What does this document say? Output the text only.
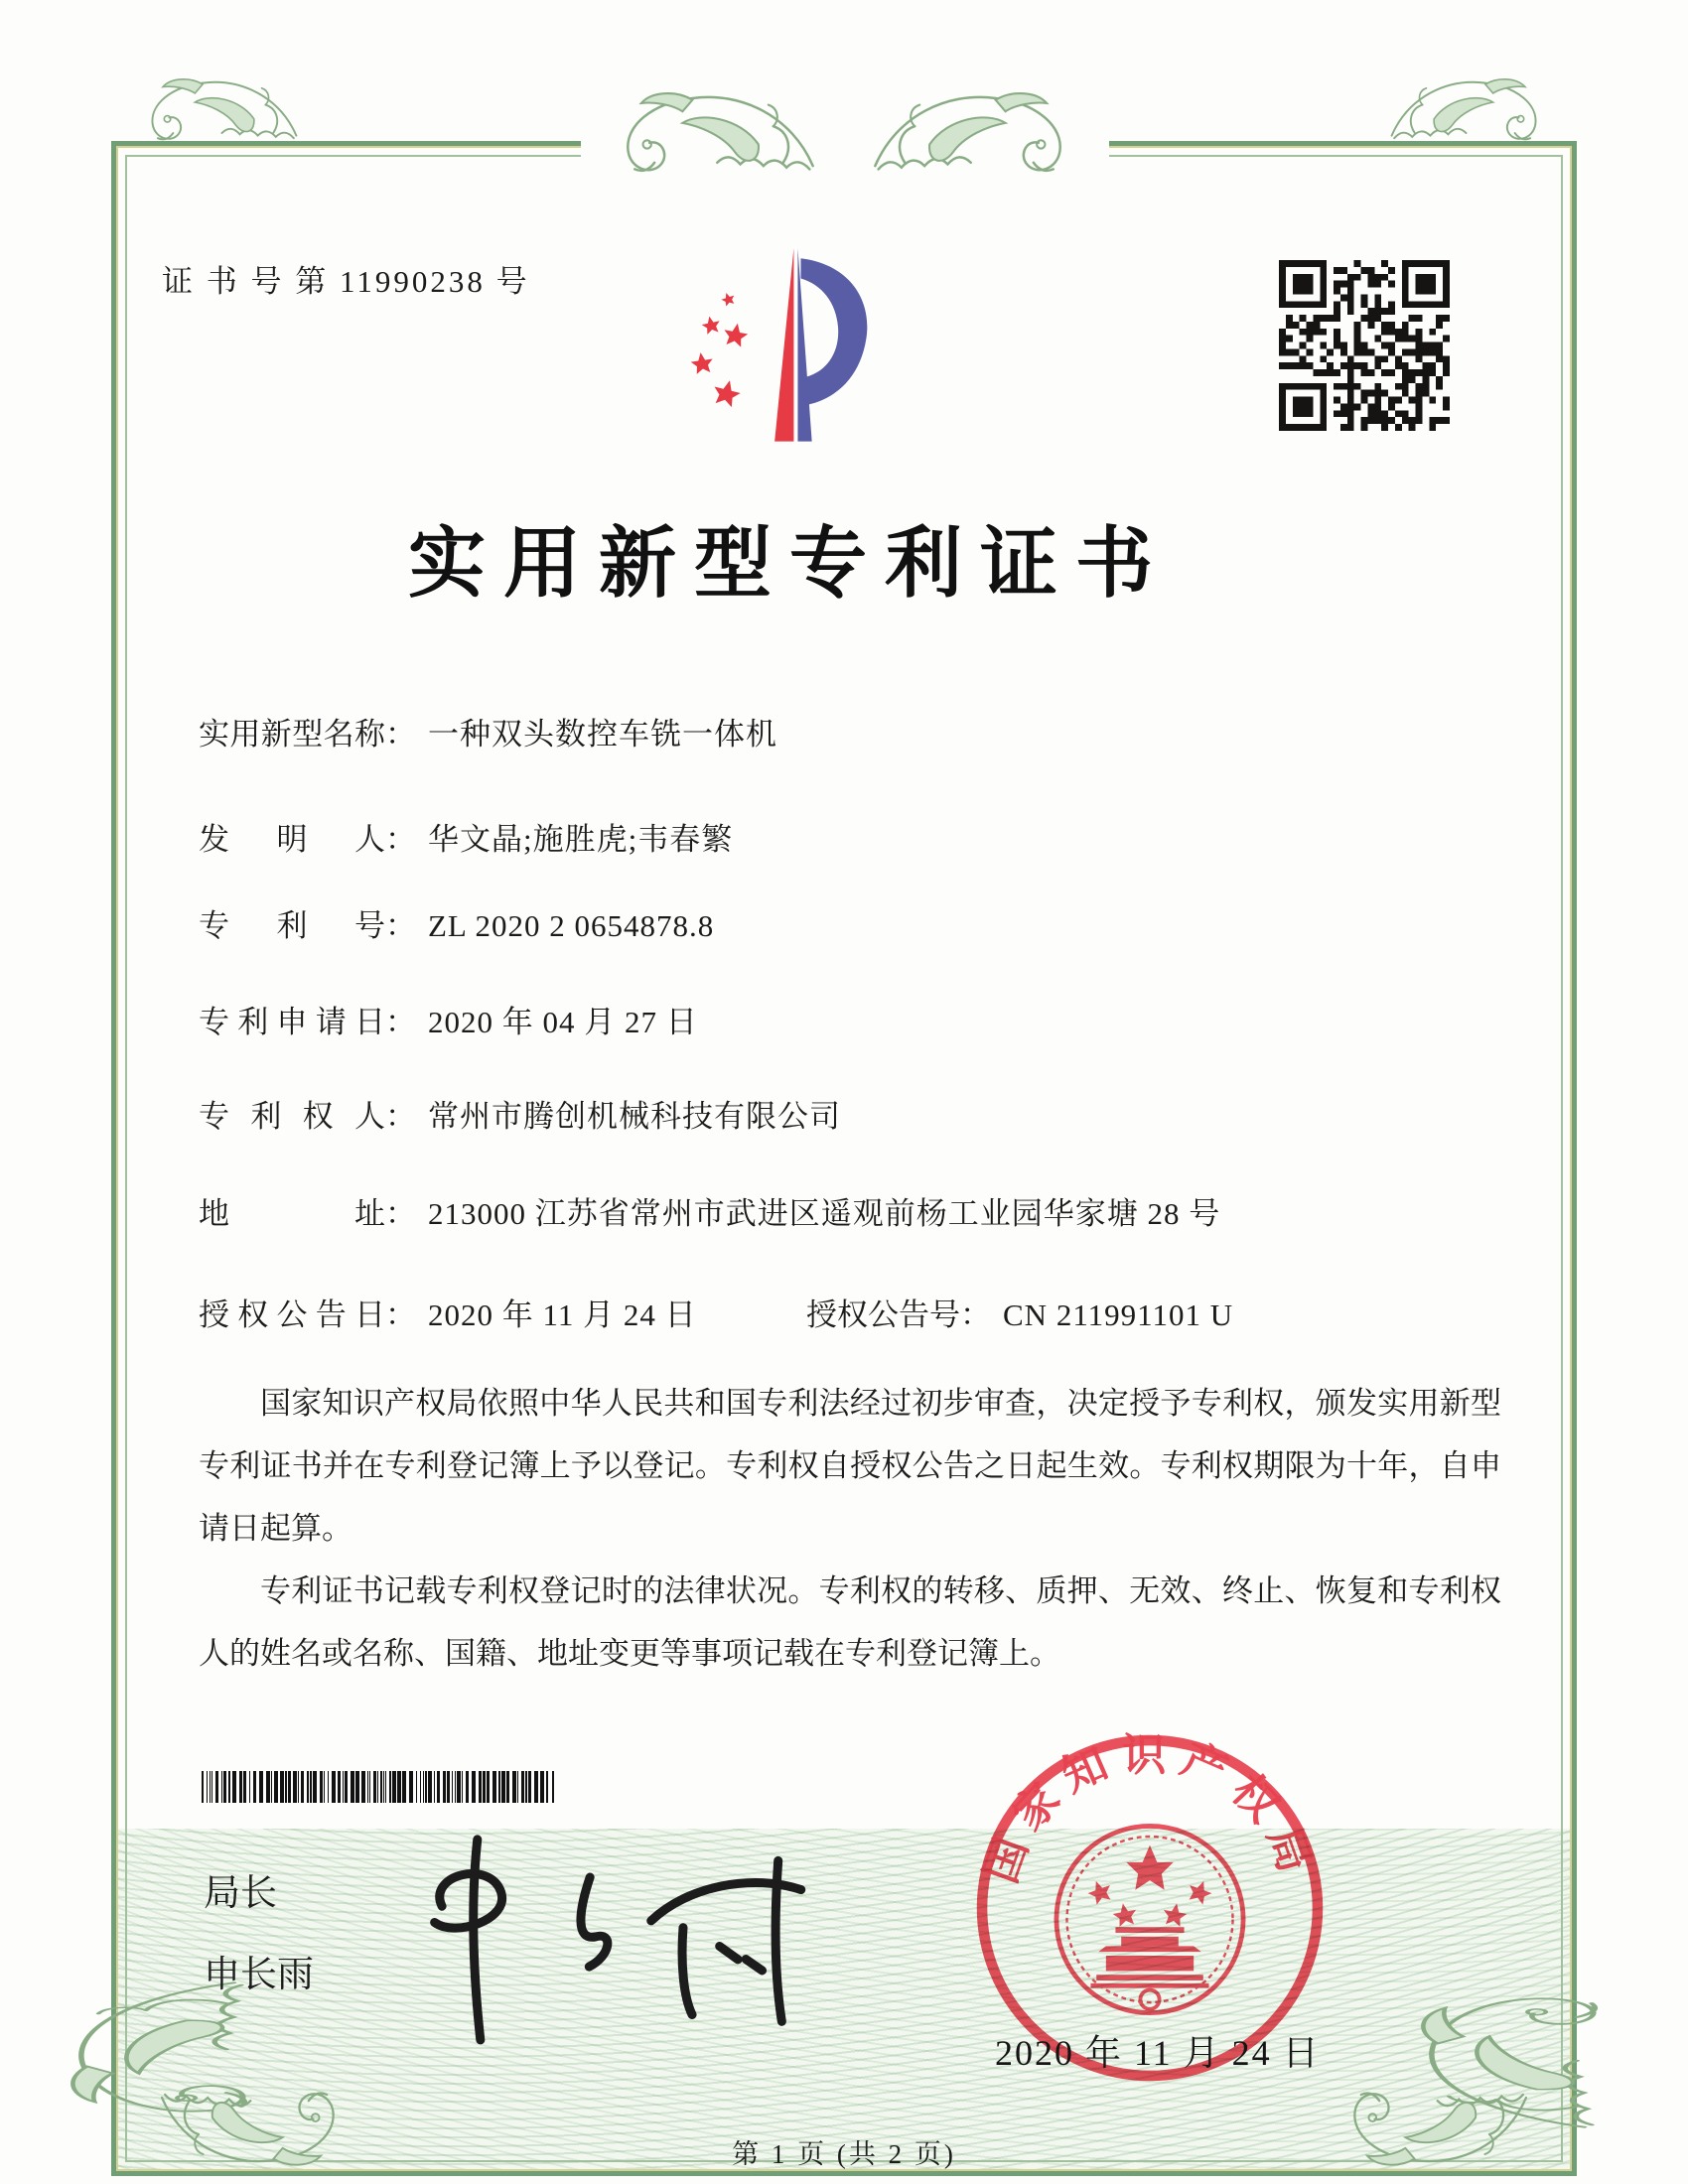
证 书 号 第 11990238 号
实用新型专利证书
实用新型名称： 一种双头数控车铣一体机
发明人： 华文晶;施胜虎;韦春繁
专利号： ZL 2020 2 0654878.8
专利申请日： 2020 年 04 月 27 日
专利权人： 常州市腾创机械科技有限公司
地址： 213000 江苏省常州市武进区遥观前杨工业园华家塘 28 号
授权公告日： 2020 年 11 月 24 日	授权公告号： CN 211991101 U

国家知识产权局依照中华人民共和国专利法经过初步审查，决定授予专利权，颁发实用新型专利证书并在专利登记簿上予以登记。专利权自授权公告之日起生效。专利权期限为十年，自申请日起算。

专利证书记载专利权登记时的法律状况。专利权的转移、质押、无效、终止、恢复和专利权人的姓名或名称、国籍、地址变更等事项记载在专利登记簿上。

局长
申长雨
国家知识产权局
2020 年 11 月 24 日
第 1 页 (共 2 页)
